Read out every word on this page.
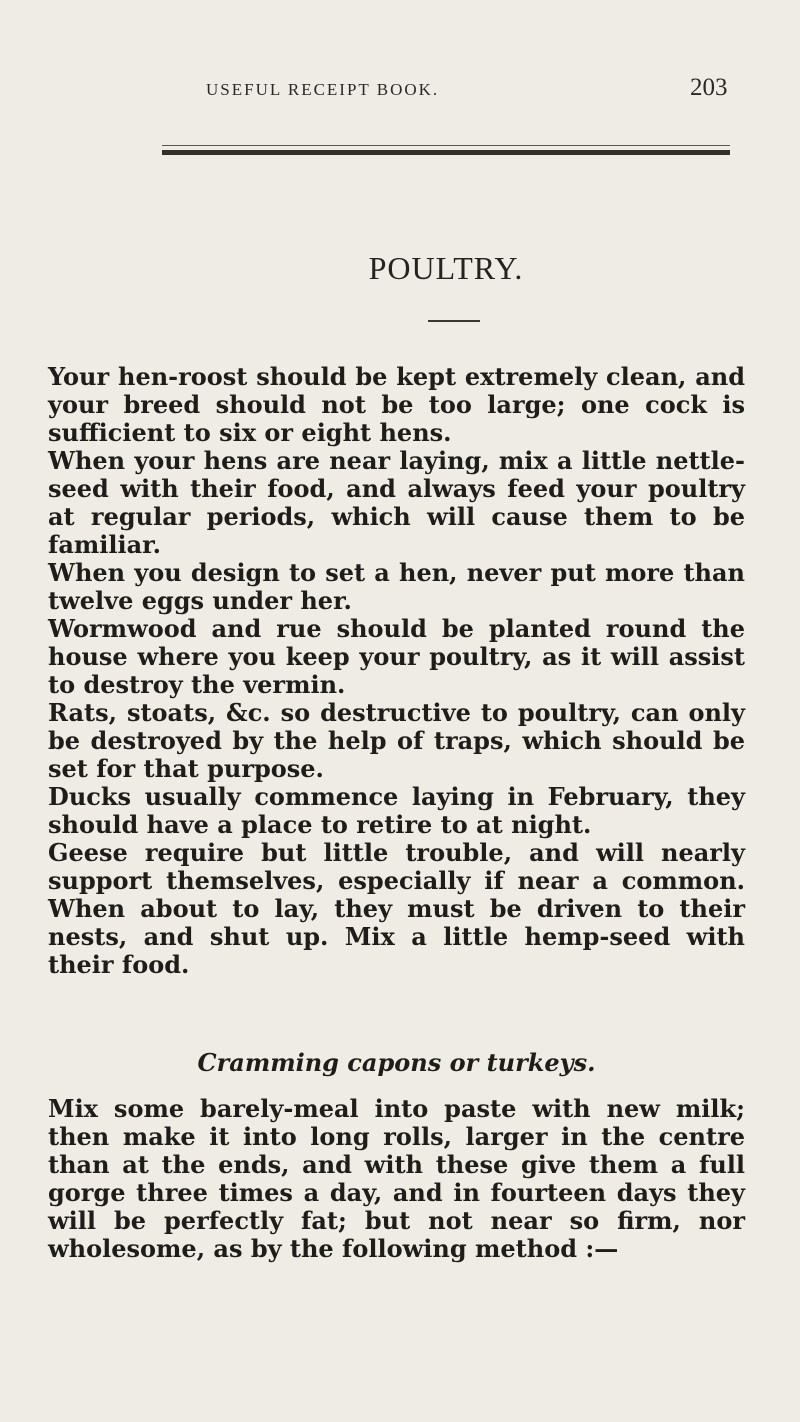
USEFUL RECEIPT BOOK.	203
POULTRY.

Your hen-roost should be kept extremely clean, and your breed should not be too large; one cock is sufficient to six or eight hens.

When your hens are near laying, mix a little nettle-seed with their food, and always feed your poultry at regular periods, which will cause them to be familiar.

When you design to set a hen, never put more than twelve eggs under her.

Wormwood and rue should be planted round the house where you keep your poultry, as it will assist to destroy the vermin.

Rats, stoats, &c. so destructive to poultry, can only be destroyed by the help of traps, which should be set for that purpose.

Ducks usually commence laying in February, they should have a place to retire to at night.

Geese require but little trouble, and will nearly support themselves, especially if near a common. When about to lay, they must be driven to their nests, and shut up. Mix a little hemp-seed with their food.

Cramming capons or turkeys.

Mix some barely-meal into paste with new milk; then make it into long rolls, larger in the centre than at the ends, and with these give them a full gorge three times a day, and in fourteen days they will be perfectly fat; but not near so firm, nor wholesome, as by the following method :—
